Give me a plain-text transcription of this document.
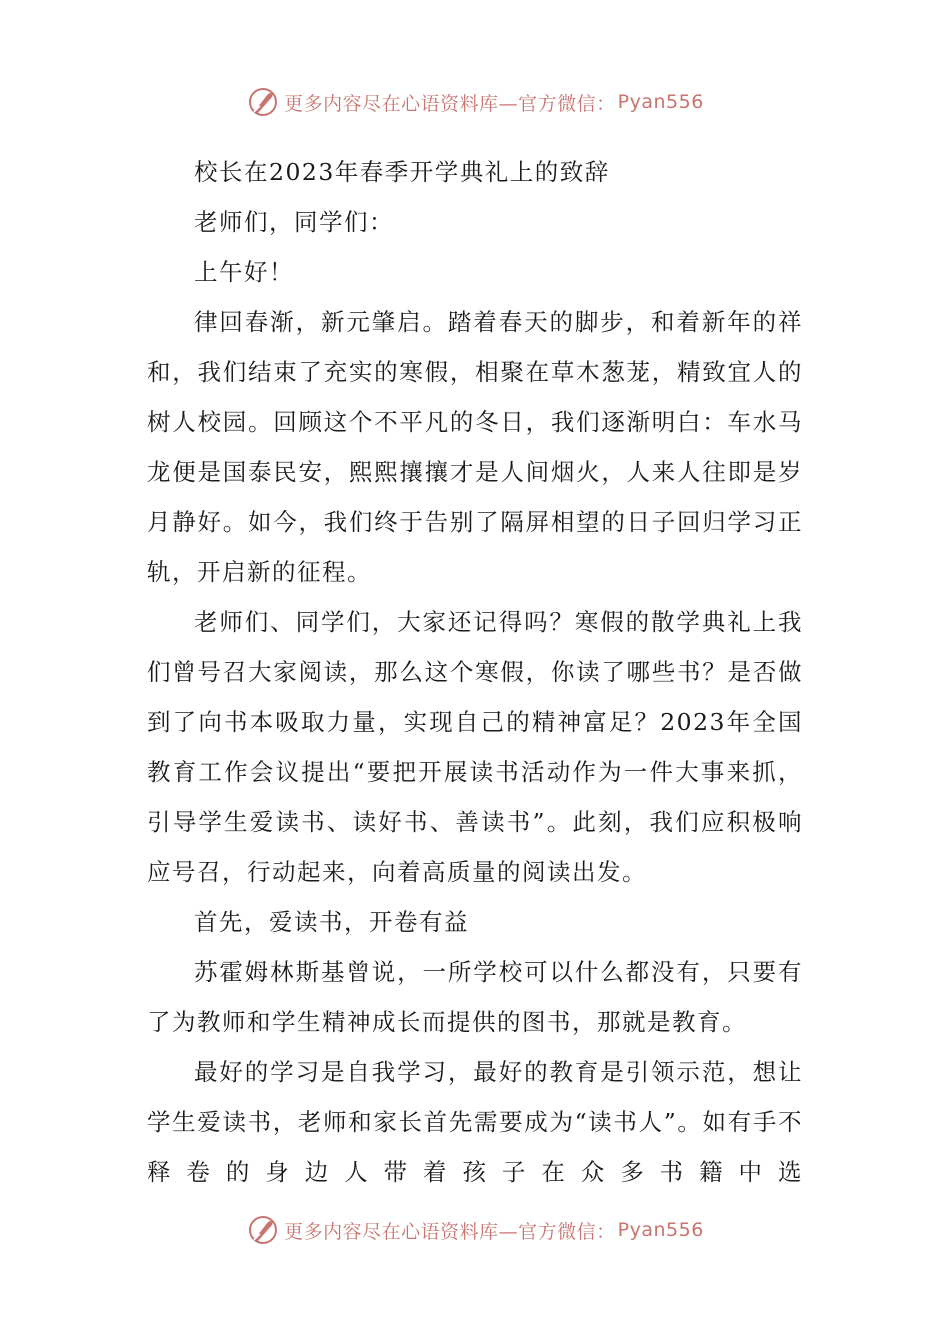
更多内容尽在心语资料库—官方微信： Pyan556

校长在2023年春季开学典礼上的致辞

老师们，同学们：

上午好！

律回春渐，新元肇启。踏着春天的脚步，和着新年的祥和，我们结束了充实的寒假，相聚在草木葱茏，精致宜人的树人校园。回顾这个不平凡的冬日，我们逐渐明白：车水马龙便是国泰民安，熙熙攘攘才是人间烟火，人来人往即是岁月静好。如今，我们终于告别了隔屏相望的日子回归学习正轨，开启新的征程。

老师们、同学们，大家还记得吗？寒假的散学典礼上我们曾号召大家阅读，那么这个寒假，你读了哪些书？是否做到了向书本吸取力量，实现自己的精神富足？2023年全国教育工作会议提出“要把开展读书活动作为一件大事来抓，引导学生爱读书、读好书、善读书”。此刻，我们应积极响应号召，行动起来，向着高质量的阅读出发。

首先，爱读书，开卷有益

苏霍姆林斯基曾说，一所学校可以什么都没有，只要有了为教师和学生精神成长而提供的图书，那就是教育。

最好的学习是自我学习，最好的教育是引领示范，想让学生爱读书，老师和家长首先需要成为“读书人”。如有手不释卷的身边人带着孩子在众多书籍中选

更多内容尽在心语资料库—官方微信： Pyan556
